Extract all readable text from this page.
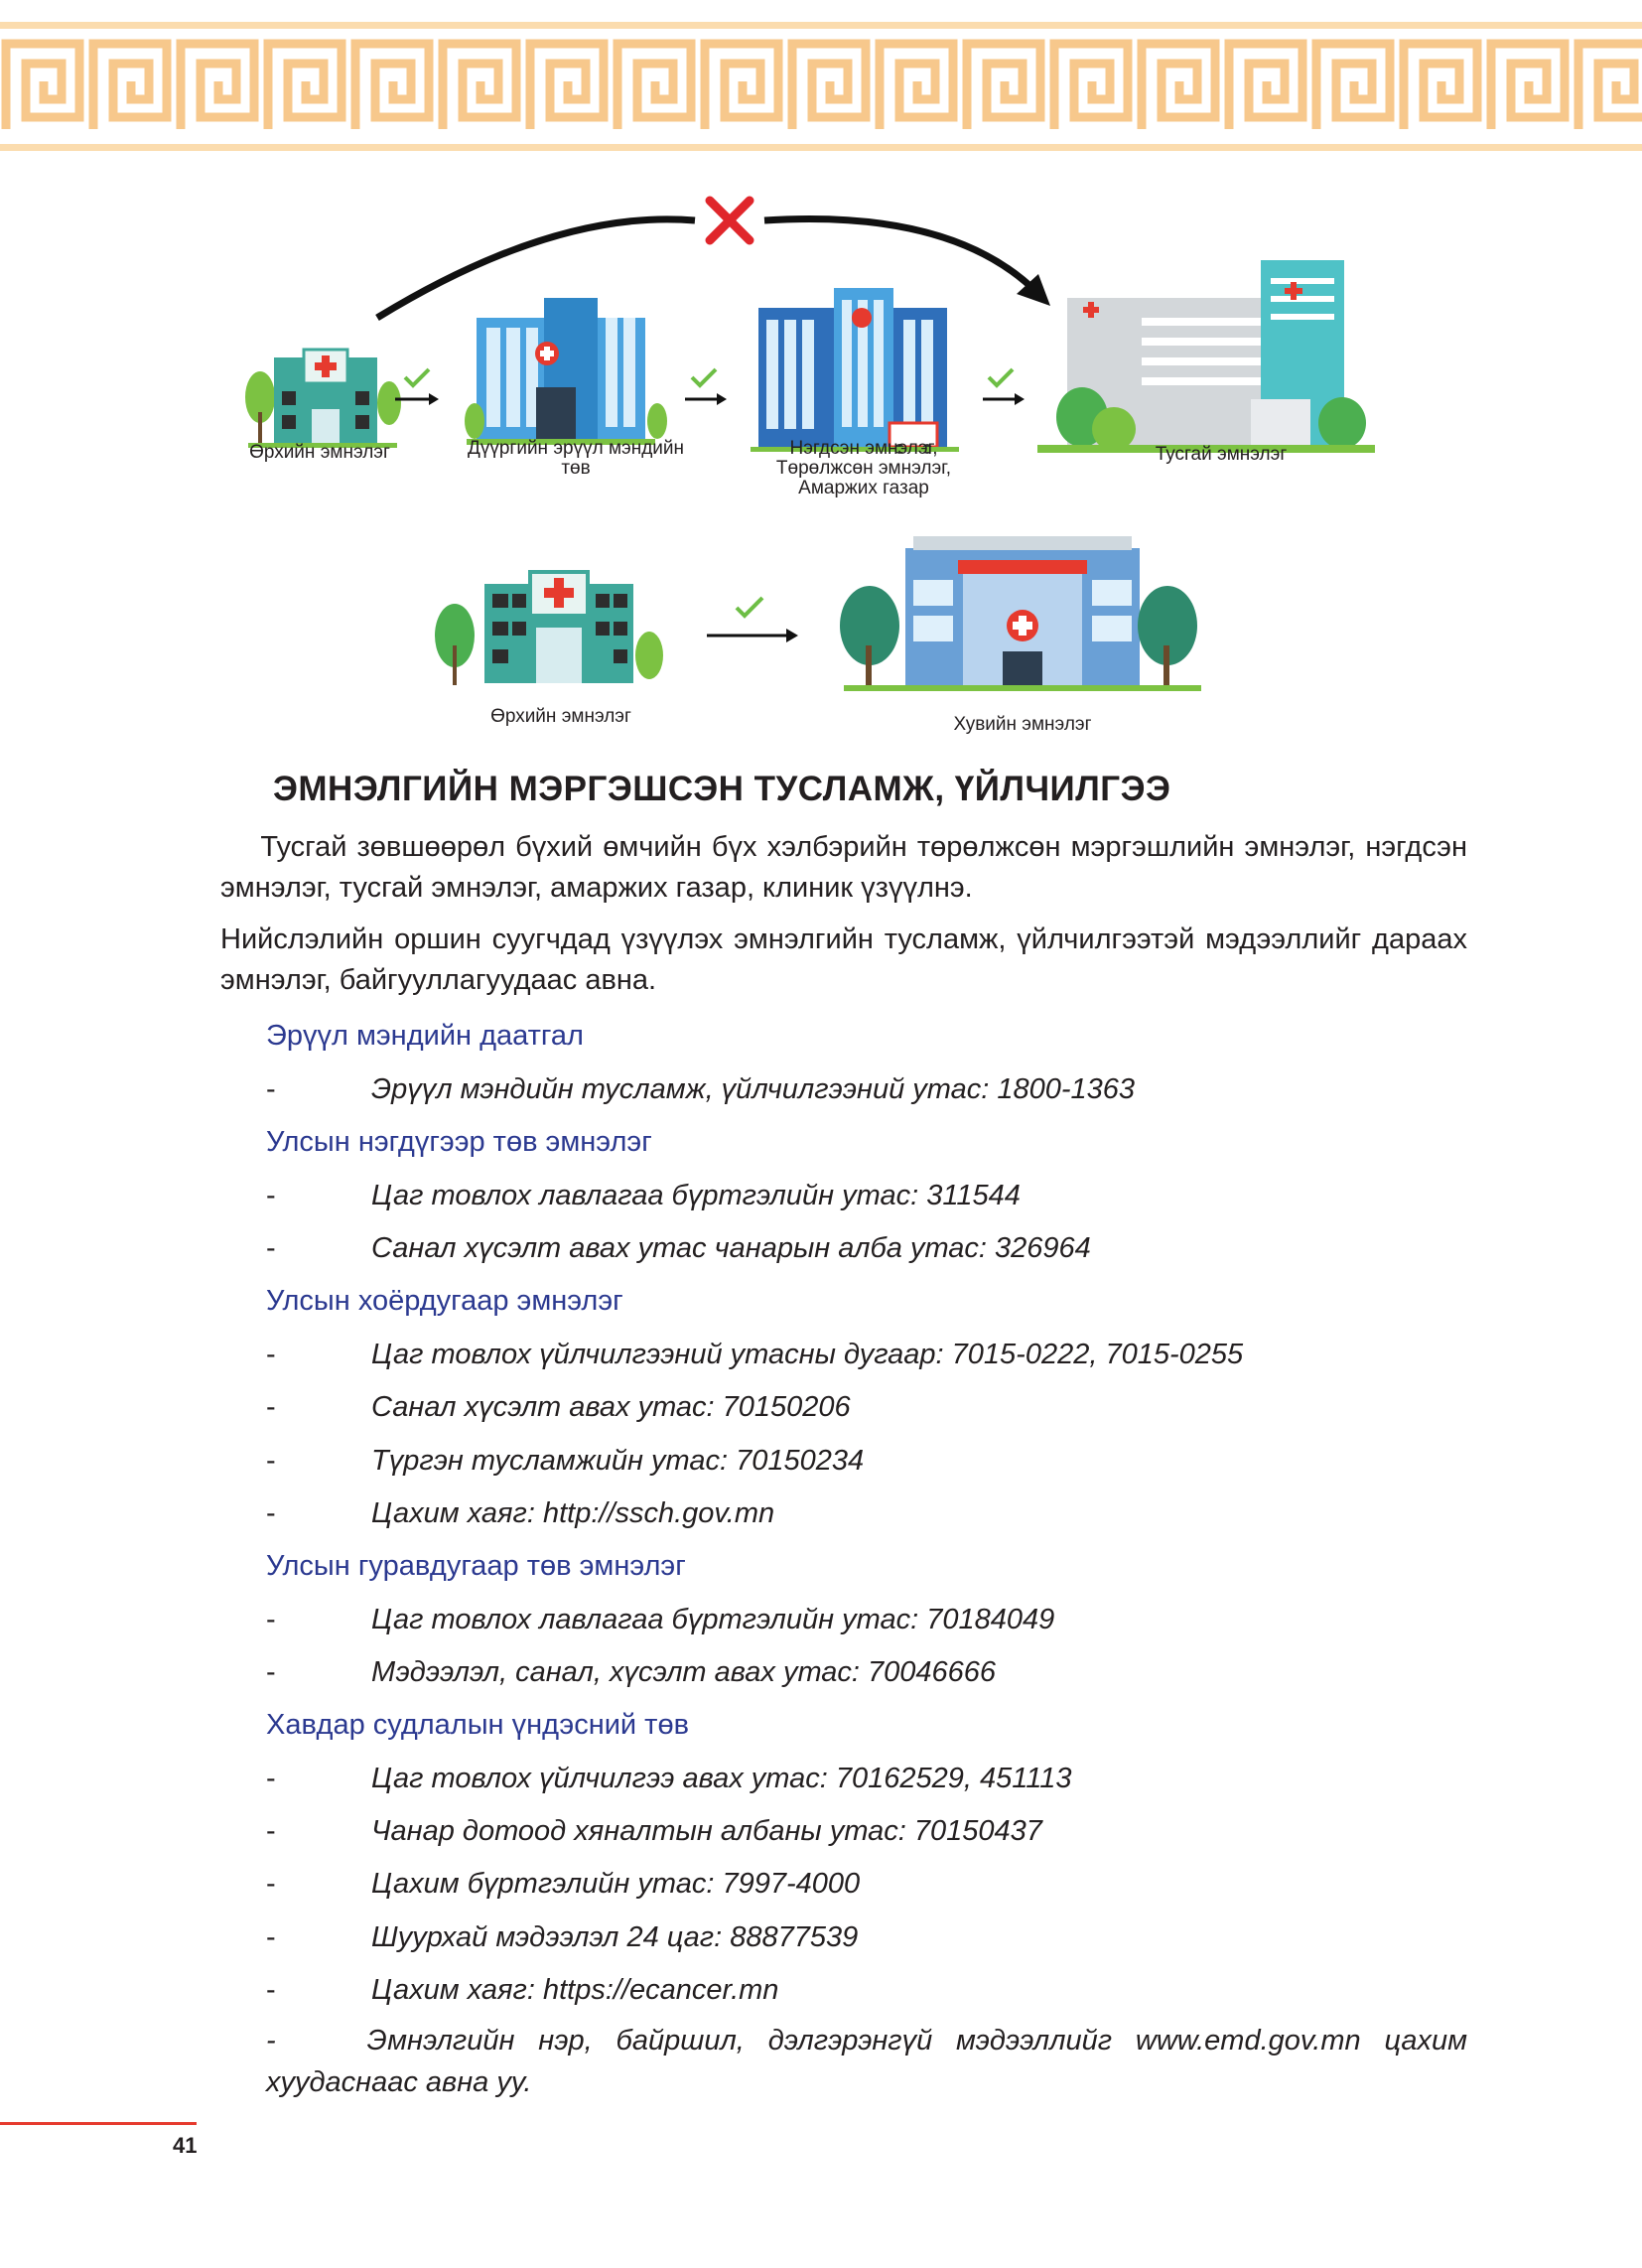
Өрхийн эмнэлэг	Дүүргийн эрүүл мэндийн
төв
Нэгдсэн эмнэлэг,
Төрөлжсөн эмнэлэг,
Амаржих газар
Тусгай эмнэлэг
Өрхийн эмнэлэг	Хувийн эмнэлэг
ЭМНЭЛГИЙН МЭРГЭШСЭН ТУСЛАМЖ, ҮЙЛЧИЛГЭЭ

Тусгай зөвшөөрөл бүхий өмчийн бүх хэлбэрийн төрөлжсөн мэргэшлийн эмнэлэг, нэгдсэн эмнэлэг, тусгай эмнэлэг, амаржих газар, клиник үзүүлнэ.

Нийслэлийн оршин суугчдад үзүүлэх эмнэлгийн тусламж, үйлчилгээтэй мэдээллийг дараах эмнэлэг, байгууллагуудаас авна.

Эрүүл мэндийн даатгал

-	Эрүүл мэндийн тусламж, үйлчилгээний утас: 1800-1363

Улсын нэгдүгээр төв эмнэлэг

-	Цаг товлох лавлагаа бүртгэлийн утас: 311544
-	Санал хүсэлт авах утас чанарын алба утас: 326964

Улсын хоёрдугаар эмнэлэг

-	Цаг товлох үйлчилгээний утасны дугаар: 7015-0222, 7015-0255
-	Санал хүсэлт авах утас: 70150206
-	Түргэн тусламжийн утас: 70150234
-	Цахим хаяг: http://ssch.gov.mn

Улсын гуравдугаар төв эмнэлэг

-	Цаг товлох лавлагаа бүртгэлийн утас: 70184049
-	Мэдээлэл, санал, хүсэлт авах утас: 70046666

Хавдар судлалын үндэсний төв

-	Цаг товлох үйлчилгээ авах утас: 70162529, 451113
-	Чанар дотоод хяналтын албаны утас: 70150437
-	Цахим бүртгэлийн утас: 7997-4000
-	Шуурхай мэдээлэл 24 цаг: 88877539
-	Цахим хаяг: https://ecancer.mn

-	Эмнэлгийн нэр, байршил, дэлгэрэнгүй мэдээллийг www.emd.gov.mn цахим хуудаснаас авна уу.

41
